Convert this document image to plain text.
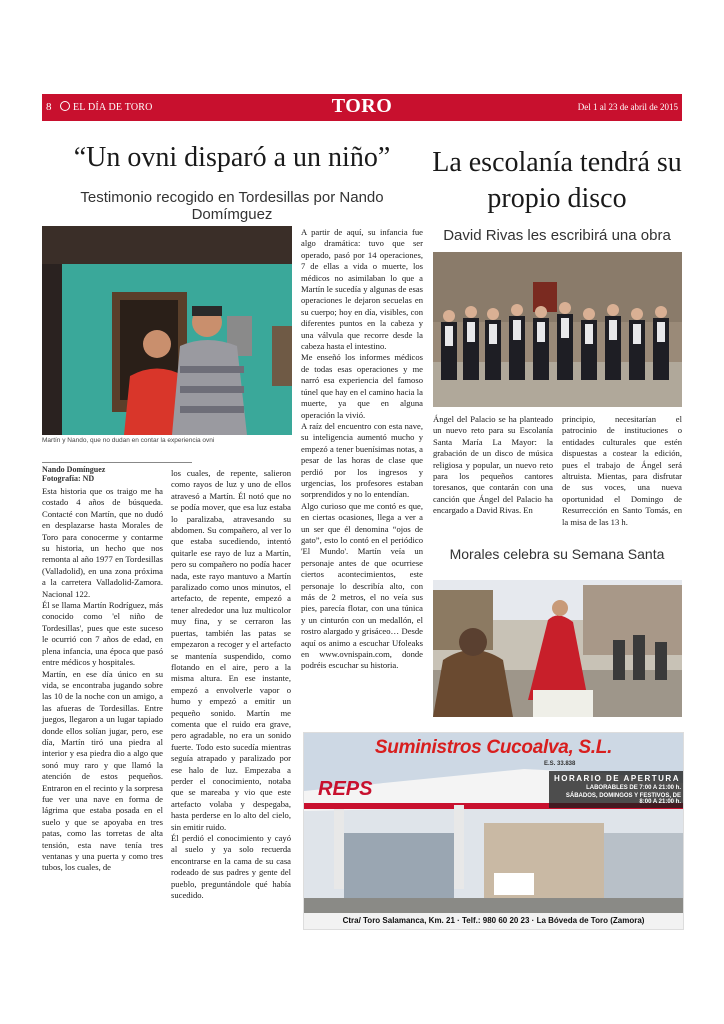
8	EL DÍA DE TORO	TORO	Del 1 al 23 de abril de 2015
“Un ovni disparó a un niño”
Testimonio recogido en Tordesillas por Nando Domímguez
Martín y Nando, que no dudan en contar la experiencia ovni
Nando Domínguez
Fotografía: ND

Esta historia que os traigo me ha costado 4 años de búsqueda. Contacté con Martín, que no dudó en desplazarse hasta Morales de Toro para conocerme y contarme su historia, un hecho que nos remonta al año 1977 en Tordesillas (Valladolid), en una zona próxima a la carretera Valladolid-Zamora. Nacional 122.

Él se llama Martín Rodríguez, más conocido como 'el niño de Tordesillas', pues que este suceso le ocurrió con 7 años de edad, en plena infancia, una época que pasó entre médicos y hospitales.

Martín, en ese día único en su vida, se encontraba jugando sobre las 10 de la noche con un amigo, a las afueras de Tordesillas. Entre juegos, llegaron a un lugar tapiado donde ellos solían jugar, pero, ese día, Martín tiró una piedra al interior y esa piedra dio a algo que sonó muy raro y que llamó la atención de estos pequeños. Entraron en el recinto y la sorpresa fue ver una nave en forma de lágrima que estaba posada en el suelo y que se apoyaba en tres patas, como las torretas de alta tensión, esta nave tenía tres ventanas y una puerta y como tres tubos, los cuales, de

los cuales, de repente, salieron como rayos de luz y uno de ellos atravesó a Martín. Él notó que no se podía mover, que esa luz estaba lo paralizaba, atravesando su abdomen. Su compañero, al ver lo que estaba sucediendo, intentó quitarle ese rayo de luz a Martín, pero su compañero no podía hacer nada, este rayo mantuvo a Martín paralizado como unos minutos, el artefacto, de repente, empezó a tener alrededor una luz multicolor muy fina, y se cerraron las puertas, también las patas se empezaron a recoger y el artefacto se mantenía suspendido, como flotando en el aire, pero a la misma altura. En ese instante, empezó a envolverle vapor o humo y empezó a emitir un pequeño sonido. Martín me comenta que el ruido era grave, pero agradable, no era un sonido fuerte. Todo esto sucedía mientras seguía atrapado y paralizado por ese halo de luz. Empezaba a perder el conocimiento, notaba que se mareaba y vio que este artefacto volaba y despegaba, hasta perderse en lo alto del cielo, sin emitir ruido.

Él perdió el conocimiento y cayó al suelo y ya solo recuerda encontrarse en la cama de su casa rodeado de sus padres y gente del pueblo, preguntándole qué había sucedido.

A partir de aquí, su infancia fue algo dramática: tuvo que ser operado, pasó por 14 operaciones, 7 de ellas a vida o muerte, los médicos no asimilaban lo que a Martín le sucedía y algunas de esas operaciones le dejaron secuelas en su cuerpo; hoy en día, visibles, con diferentes puntos en la cabeza y una válvula que recorre desde la cabeza hasta el intestino.

Me enseñó los informes médicos de todas esas operaciones y me narró esa experiencia del famoso túnel que hay en el camino hacia la muerte, ya que en alguna operación la vivió.

A raíz del encuentro con esta nave, su inteligencia aumentó mucho y empezó a tener buenísimas notas, a pesar de las horas de clase que perdió por los ingresos y urgencias, los profesores estaban sorprendidos y no lo entendían.

Algo curioso que me contó es que, en ciertas ocasiones, llega a ver a un ser que él denomina “ojos de gato”, esto lo contó en el periódico 'El Mundo'. Martín veía un personaje antes de que ocurriese ciertos acontecimientos, este personaje lo describía alto, con más de 2 metros, el no veía sus pies, parecía flotar, con una túnica y un cinturón con un medallón, el rostro alargado y grisáceo… Desde aquí os animo a escuchar Ufoleaks en www.ovnispain.com, donde podréis escuchar su historia.

La escolanía tendrá su propio disco
David Rivas les escribirá una obra

Ángel del Palacio se ha planteado un nuevo reto para su Escolanía Santa María La Mayor: la grabación de un disco de música religiosa y popular, un nuevo reto para los pequeños cantores toresanos, que contarán con una canción que Ángel del Palacio ha encargado a David Rivas. En

principio, necesitarían el patrocinio de instituciones o entidades culturales que estén dispuestas a costear la edición, pues el trabajo de Ángel será altruista. Mientas, para disfrutar de sus voces, una nueva oportunidad el Domingo de Resurrección en Santo Tomás, en la misa de las 13 h.

Morales celebra su Semana Santa
REPS
Suministros Cucoalva, S.L.
E.S. 33.838
HORARIO DE APERTURA
LABORABLES DE 7:00 A 21:00 h.
SÁBADOS, DOMINGOS Y FESTIVOS, DE 8:00 A 21:00 h.
Ctra/ Toro Salamanca, Km. 21 · Telf.: 980 60 20 23 · La Bóveda de Toro (Zamora)
